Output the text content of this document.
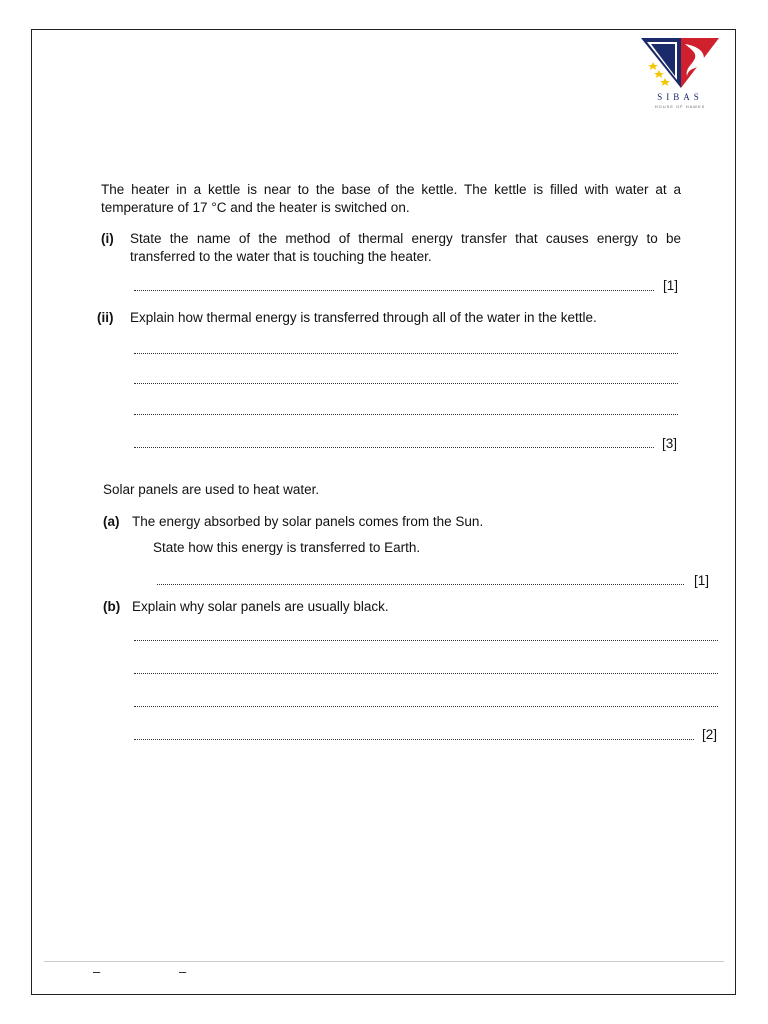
SIBAS
HOUSE OF HAWKS
The heater in a kettle is near to the base of the kettle. The kettle is filled with water at a temperature of 17 °C and the heater is switched on.
(i) State the name of the method of thermal energy transfer that causes energy to be transferred to the water that is touching the heater.
[1]
(ii) Explain how thermal energy is transferred through all of the water in the kettle.
[3]
Solar panels are used to heat water.
(a) The energy absorbed by solar panels comes from the Sun.
State how this energy is transferred to Earth.
[1]
(b) Explain why solar panels are usually black.
[2]
–	–
